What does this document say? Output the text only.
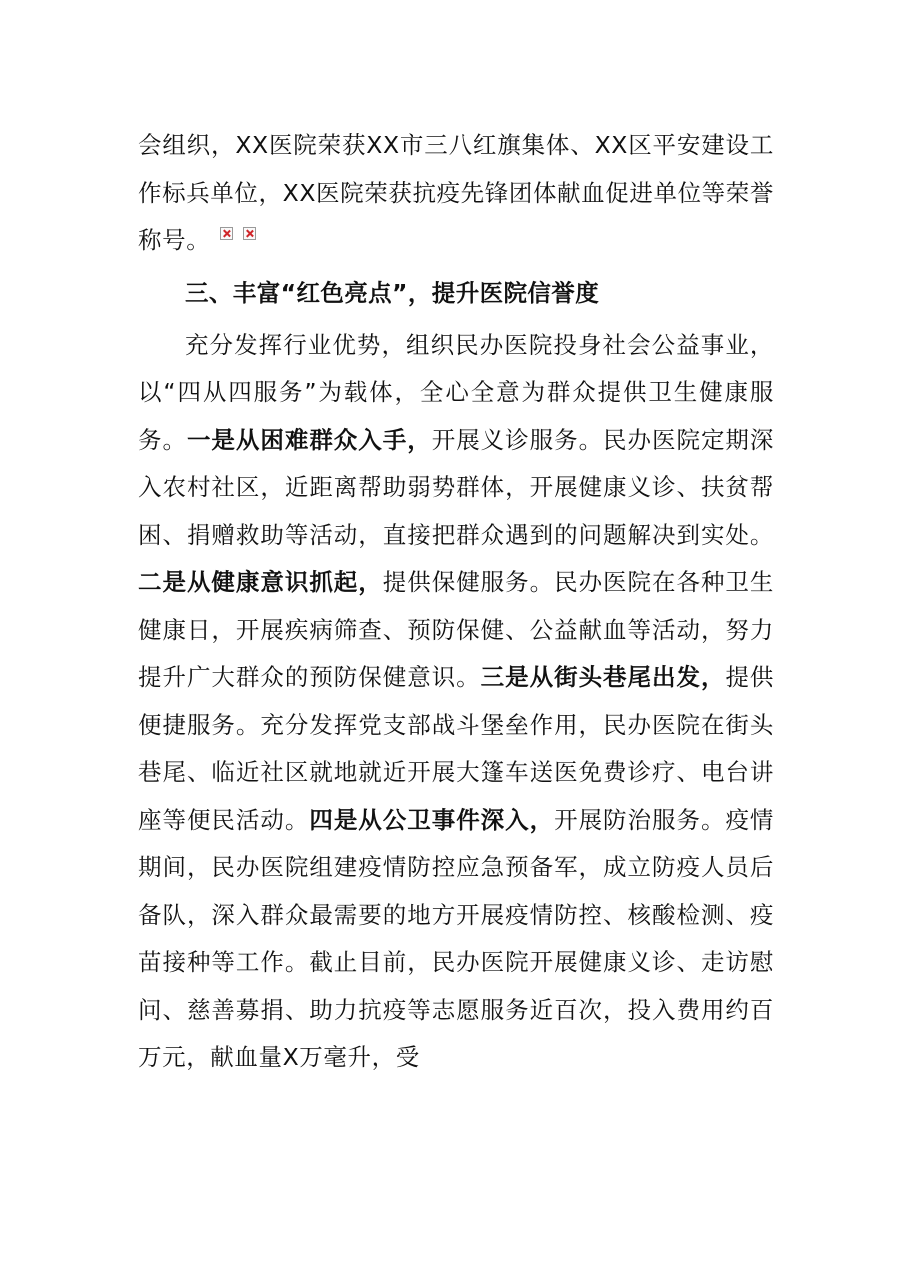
会组织，XX医院荣获XX市三八红旗集体、XX区平安建设工作标兵单位，XX医院荣获抗疫先锋团体献血促进单位等荣誉称号。

三、丰富“红色亮点”，提升医院信誉度

充分发挥行业优势，组织民办医院投身社会公益事业，以“四从四服务”为载体，全心全意为群众提供卫生健康服务。一是从困难群众入手，开展义诊服务。民办医院定期深入农村社区，近距离帮助弱势群体，开展健康义诊、扶贫帮困、捐赠救助等活动，直接把群众遇到的问题解决到实处。二是从健康意识抓起，提供保健服务。民办医院在各种卫生健康日，开展疾病筛查、预防保健、公益献血等活动，努力提升广大群众的预防保健意识。三是从街头巷尾出发，提供便捷服务。充分发挥党支部战斗堡垒作用，民办医院在街头巷尾、临近社区就地就近开展大篷车送医免费诊疗、电台讲座等便民活动。四是从公卫事件深入，开展防治服务。疫情期间，民办医院组建疫情防控应急预备军，成立防疫人员后备队，深入群众最需要的地方开展疫情防控、核酸检测、疫苗接种等工作。截止目前，民办医院开展健康义诊、走访慰问、慈善募捐、助力抗疫等志愿服务近百次，投入费用约百万元，献血量X万毫升，受
